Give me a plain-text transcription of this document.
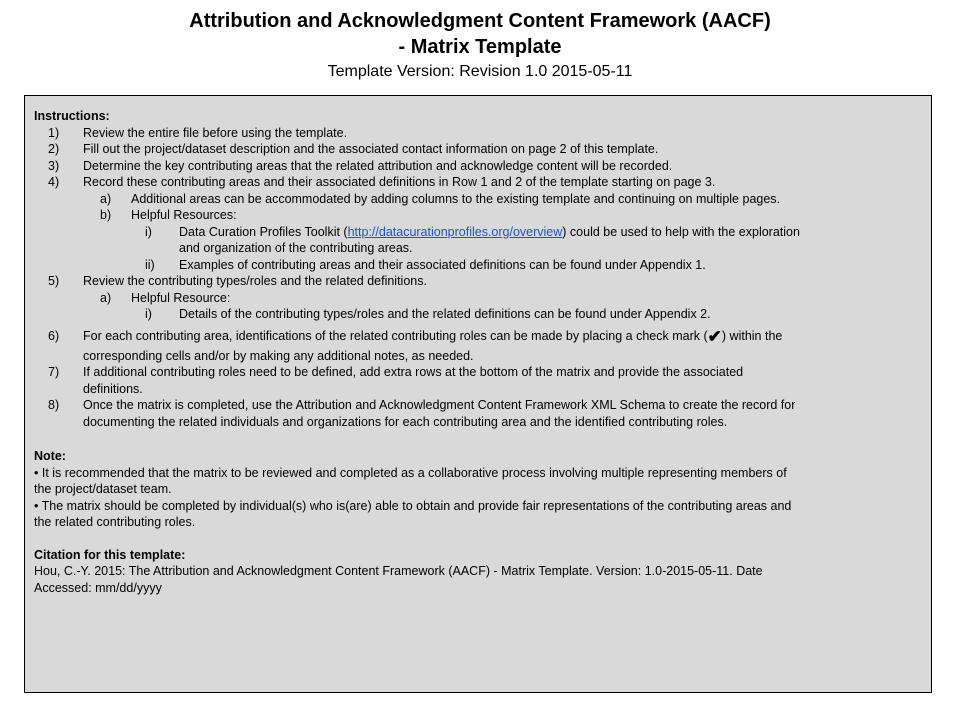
Attribution and Acknowledgment Content Framework (AACF)
- Matrix Template
Template Version: Revision 1.0 2015-05-11
Instructions:
1) Review the entire file before using the template.
2) Fill out the project/dataset description and the associated contact information on page 2 of this template.
3) Determine the key contributing areas that the related attribution and acknowledge content will be recorded.
4) Record these contributing areas and their associated definitions in Row 1 and 2 of the template starting on page 3.
a) Additional areas can be accommodated by adding columns to the existing template and continuing on multiple pages.
b) Helpful Resources:
i) Data Curation Profiles Toolkit (http://datacurationprofiles.org/overview) could be used to help with the exploration
and organization of the contributing areas.
ii) Examples of contributing areas and their associated definitions can be found under Appendix 1.
5) Review the contributing types/roles and the related definitions.
a) Helpful Resource:
i) Details of the contributing types/roles and the related definitions can be found under Appendix 2.
6) For each contributing area, identifications of the related contributing roles can be made by placing a check mark (✔) within the
corresponding cells and/or by making any additional notes, as needed.
7) If additional contributing roles need to be defined, add extra rows at the bottom of the matrix and provide the associated
definitions.
8) Once the matrix is completed, use the Attribution and Acknowledgment Content Framework XML Schema to create the record for
documenting the related individuals and organizations for each contributing area and the identified contributing roles.
Note:
• It is recommended that the matrix to be reviewed and completed as a collaborative process involving multiple representing members of
the project/dataset team.
• The matrix should be completed by individual(s) who is(are) able to obtain and provide fair representations of the contributing areas and
the related contributing roles.
Citation for this template:
Hou, C.-Y. 2015: The Attribution and Acknowledgment Content Framework (AACF) - Matrix Template. Version: 1.0-2015-05-11. Date
Accessed: mm/dd/yyyy
